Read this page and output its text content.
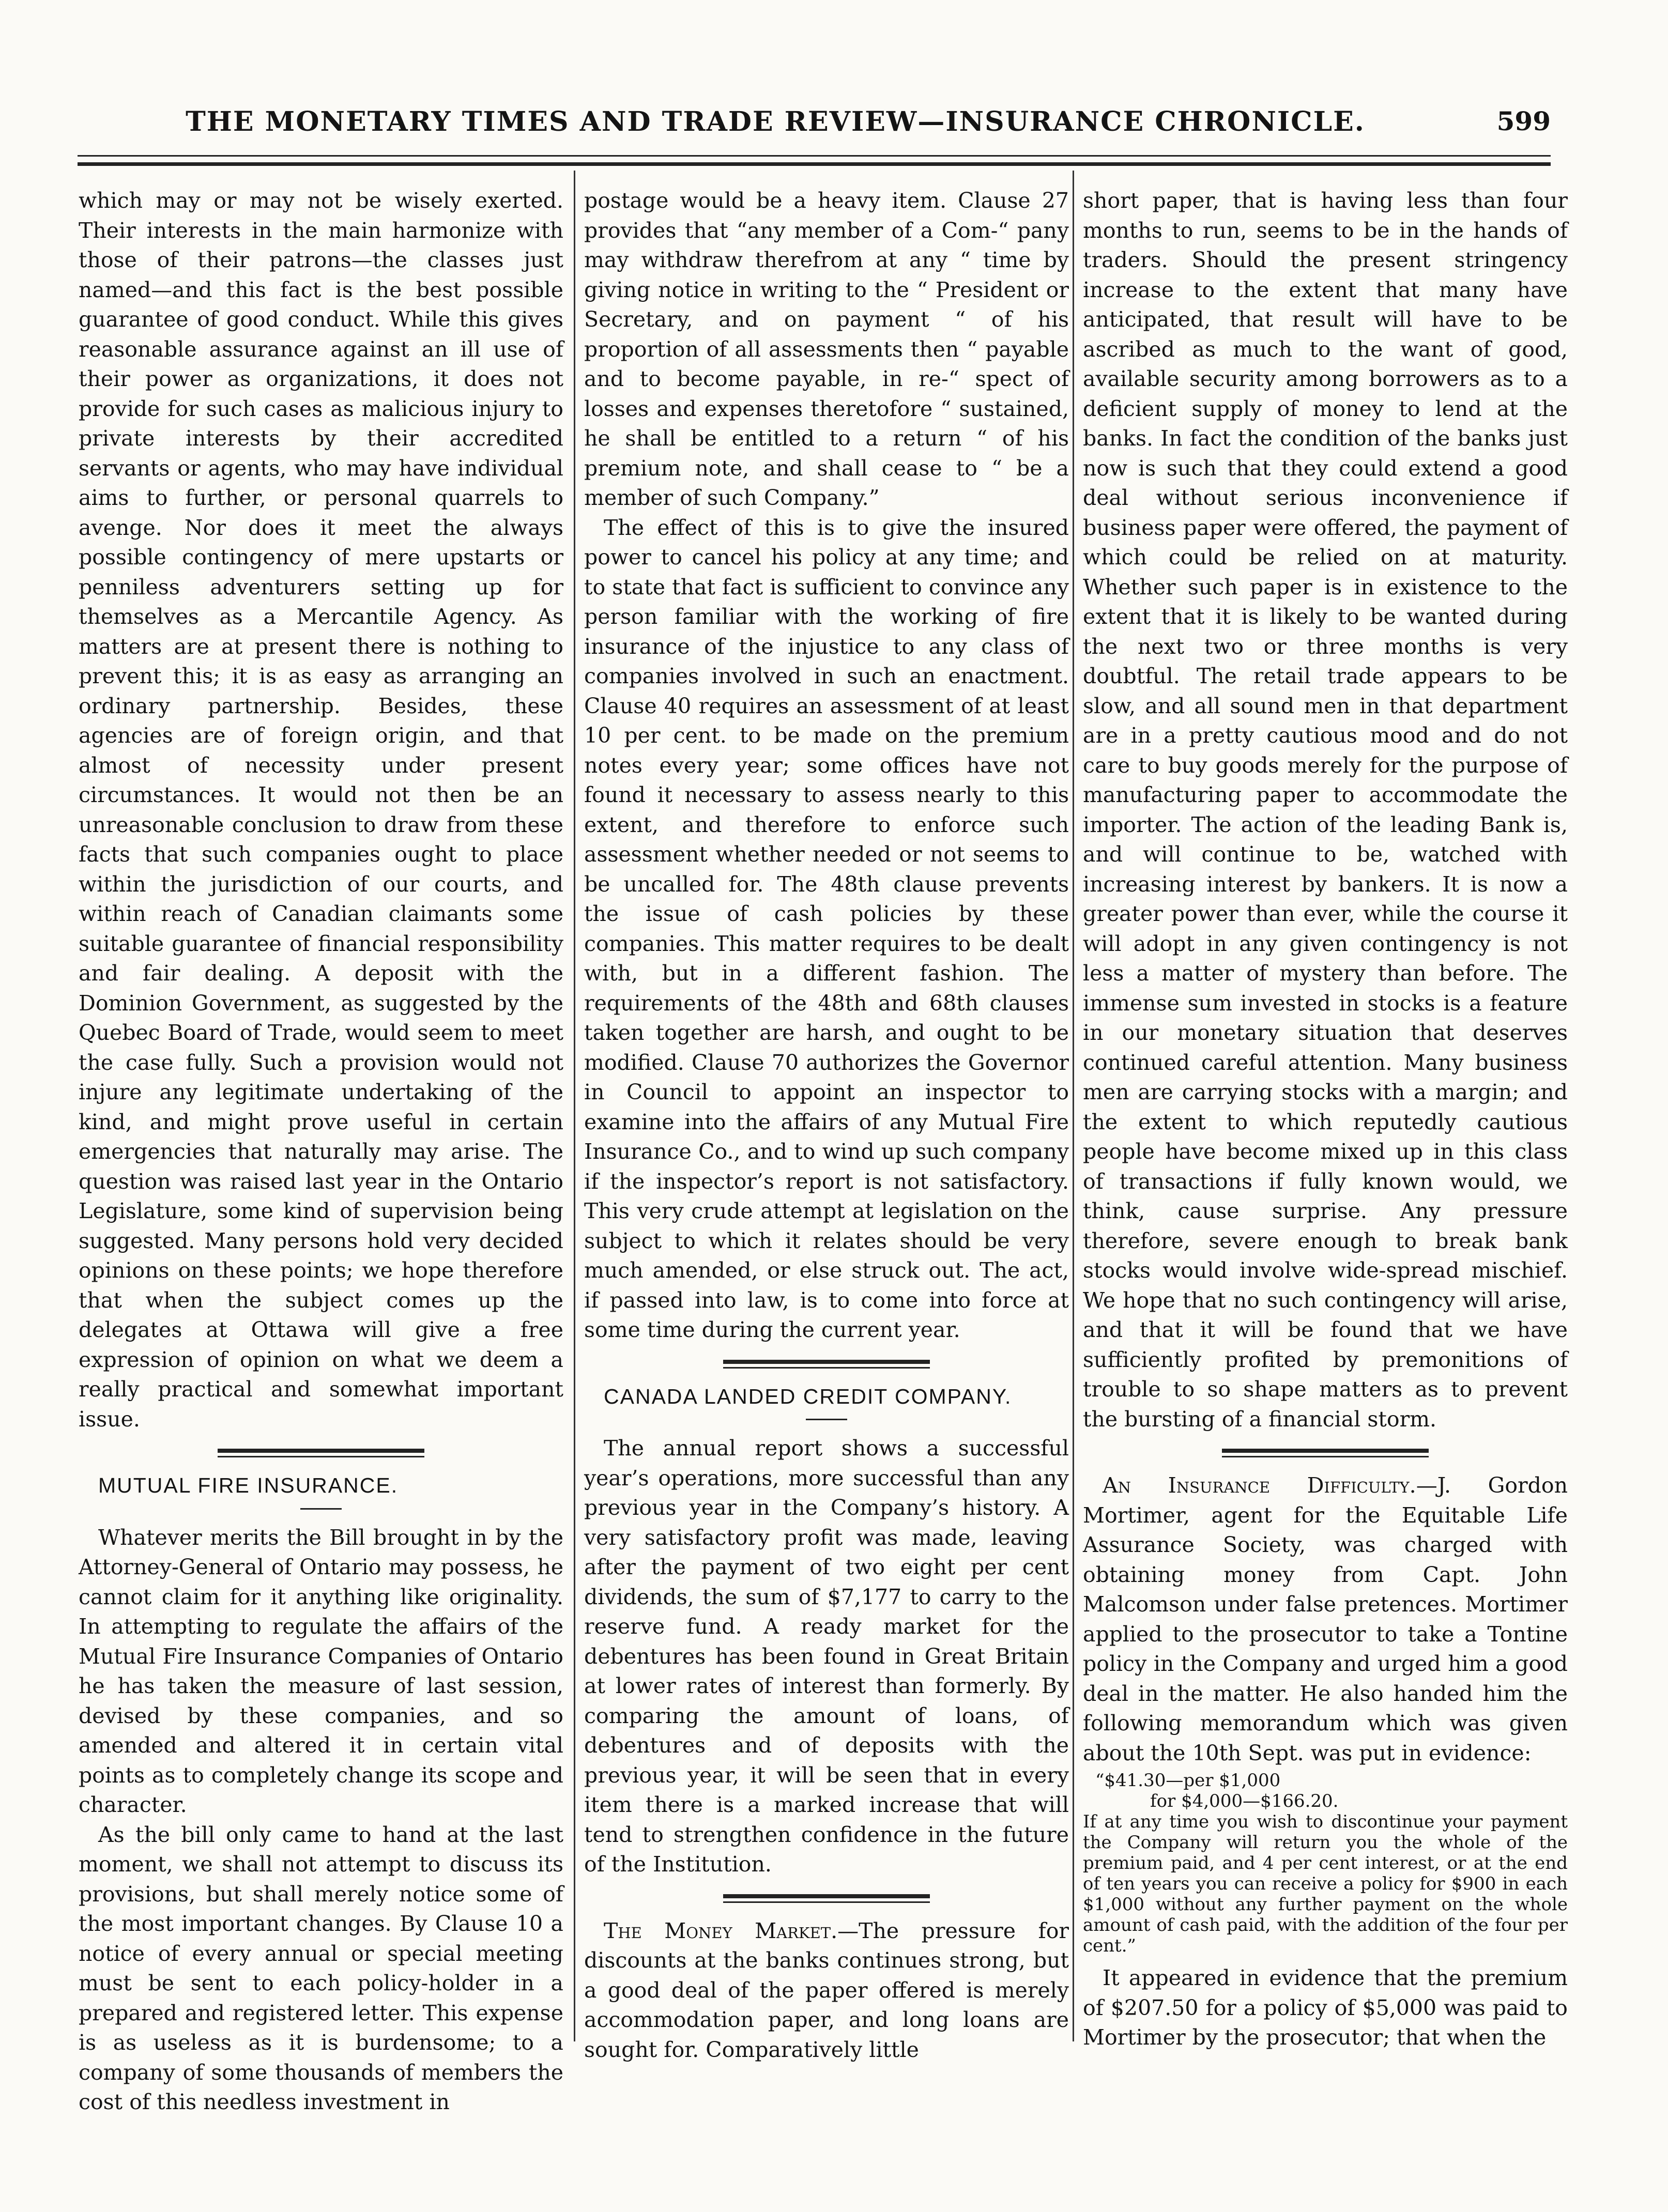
THE MONETARY TIMES AND TRADE REVIEW—INSURANCE CHRONICLE.	599

which may or may not be wisely exerted. Their interests in the main harmonize with those of their patrons—the classes just named—and this fact is the best possible guarantee of good conduct. While this gives reasonable assurance against an ill use of their power as organizations, it does not provide for such cases as malicious injury to private interests by their accredited servants or agents, who may have individual aims to further, or personal quarrels to avenge. Nor does it meet the always possible contingency of mere upstarts or penniless adventurers setting up for themselves as a Mercantile Agency. As matters are at present there is nothing to prevent this; it is as easy as arranging an ordinary partnership. Besides, these agencies are of foreign origin, and that almost of necessity under present circumstances. It would not then be an unreasonable conclusion to draw from these facts that such companies ought to place within the jurisdiction of our courts, and within reach of Canadian claimants some suitable guarantee of financial responsibility and fair dealing. A deposit with the Dominion Government, as suggested by the Quebec Board of Trade, would seem to meet the case fully. Such a provision would not injure any legitimate undertaking of the kind, and might prove useful in certain emergencies that naturally may arise. The question was raised last year in the Ontario Legislature, some kind of supervision being suggested. Many persons hold very decided opinions on these points; we hope therefore that when the subject comes up the delegates at Ottawa will give a free expression of opinion on what we deem a really practical and somewhat important issue.

MUTUAL FIRE INSURANCE.

Whatever merits the Bill brought in by the Attorney-General of Ontario may possess, he cannot claim for it anything like originality. In attempting to regulate the affairs of the Mutual Fire Insurance Companies of Ontario he has taken the measure of last session, devised by these companies, and so amended and altered it in certain vital points as to completely change its scope and character.

As the bill only came to hand at the last moment, we shall not attempt to discuss its provisions, but shall merely notice some of the most important changes. By Clause 10 a notice of every annual or special meeting must be sent to each policy-holder in a prepared and registered letter. This expense is as useless as it is burdensome; to a company of some thousands of members the cost of this needless investment in

postage would be a heavy item. Clause 27 provides that “any member of a Com-“ pany may withdraw therefrom at any “ time by giving notice in writing to the “ President or Secretary, and on payment “ of his proportion of all assessments then “ payable and to become payable, in re-“ spect of losses and expenses theretofore “ sustained, he shall be entitled to a return “ of his premium note, and shall cease to “ be a member of such Company.”

The effect of this is to give the insured power to cancel his policy at any time; and to state that fact is sufficient to convince any person familiar with the working of fire insurance of the injustice to any class of companies involved in such an enactment. Clause 40 requires an assessment of at least 10 per cent. to be made on the premium notes every year; some offices have not found it necessary to assess nearly to this extent, and therefore to enforce such assessment whether needed or not seems to be uncalled for. The 48th clause prevents the issue of cash policies by these companies. This matter requires to be dealt with, but in a different fashion. The requirements of the 48th and 68th clauses taken together are harsh, and ought to be modified. Clause 70 authorizes the Governor in Council to appoint an inspector to examine into the affairs of any Mutual Fire Insurance Co., and to wind up such company if the inspector’s report is not satisfactory. This very crude attempt at legislation on the subject to which it relates should be very much amended, or else struck out. The act, if passed into law, is to come into force at some time during the current year.

CANADA LANDED CREDIT COMPANY.

The annual report shows a successful year’s operations, more successful than any previous year in the Company’s history. A very satisfactory profit was made, leaving after the payment of two eight per cent dividends, the sum of $7,177 to carry to the reserve fund. A ready market for the debentures has been found in Great Britain at lower rates of interest than formerly. By comparing the amount of loans, of debentures and of deposits with the previous year, it will be seen that in every item there is a marked increase that will tend to strengthen confidence in the future of the Institution.

The Money Market.—The pressure for discounts at the banks continues strong, but a good deal of the paper offered is merely accommodation paper, and long loans are sought for. Comparatively little

short paper, that is having less than four months to run, seems to be in the hands of traders. Should the present stringency increase to the extent that many have anticipated, that result will have to be ascribed as much to the want of good, available security among borrowers as to a deficient supply of money to lend at the banks. In fact the condition of the banks just now is such that they could extend a good deal without serious inconvenience if business paper were offered, the payment of which could be relied on at maturity. Whether such paper is in existence to the extent that it is likely to be wanted during the next two or three months is very doubtful. The retail trade appears to be slow, and all sound men in that department are in a pretty cautious mood and do not care to buy goods merely for the purpose of manufacturing paper to accommodate the importer. The action of the leading Bank is, and will continue to be, watched with increasing interest by bankers. It is now a greater power than ever, while the course it will adopt in any given contingency is not less a matter of mystery than before. The immense sum invested in stocks is a feature in our monetary situation that deserves continued careful attention. Many business men are carrying stocks with a margin; and the extent to which reputedly cautious people have become mixed up in this class of transactions if fully known would, we think, cause surprise. Any pressure therefore, severe enough to break bank stocks would involve wide-spread mischief. We hope that no such contingency will arise, and that it will be found that we have sufficiently profited by premonitions of trouble to so shape matters as to prevent the bursting of a financial storm.

An Insurance Difficulty.—J. Gordon Mortimer, agent for the Equitable Life Assurance Society, was charged with obtaining money from Capt. John Malcomson under false pretences. Mortimer applied to the prosecutor to take a Tontine policy in the Company and urged him a good deal in the matter. He also handed him the following memorandum which was given about the 10th Sept. was put in evidence:

“$41.30—per $1,000
for $4,000—$166.20.
If at any time you wish to discontinue your payment the Company will return you the whole of the premium paid, and 4 per cent interest, or at the end of ten years you can receive a policy for $900 in each $1,000 without any further payment on the whole amount of cash paid, with the addition of the four per cent.”

It appeared in evidence that the premium of $207.50 for a policy of $5,000 was paid to Mortimer by the prosecutor; that when the
